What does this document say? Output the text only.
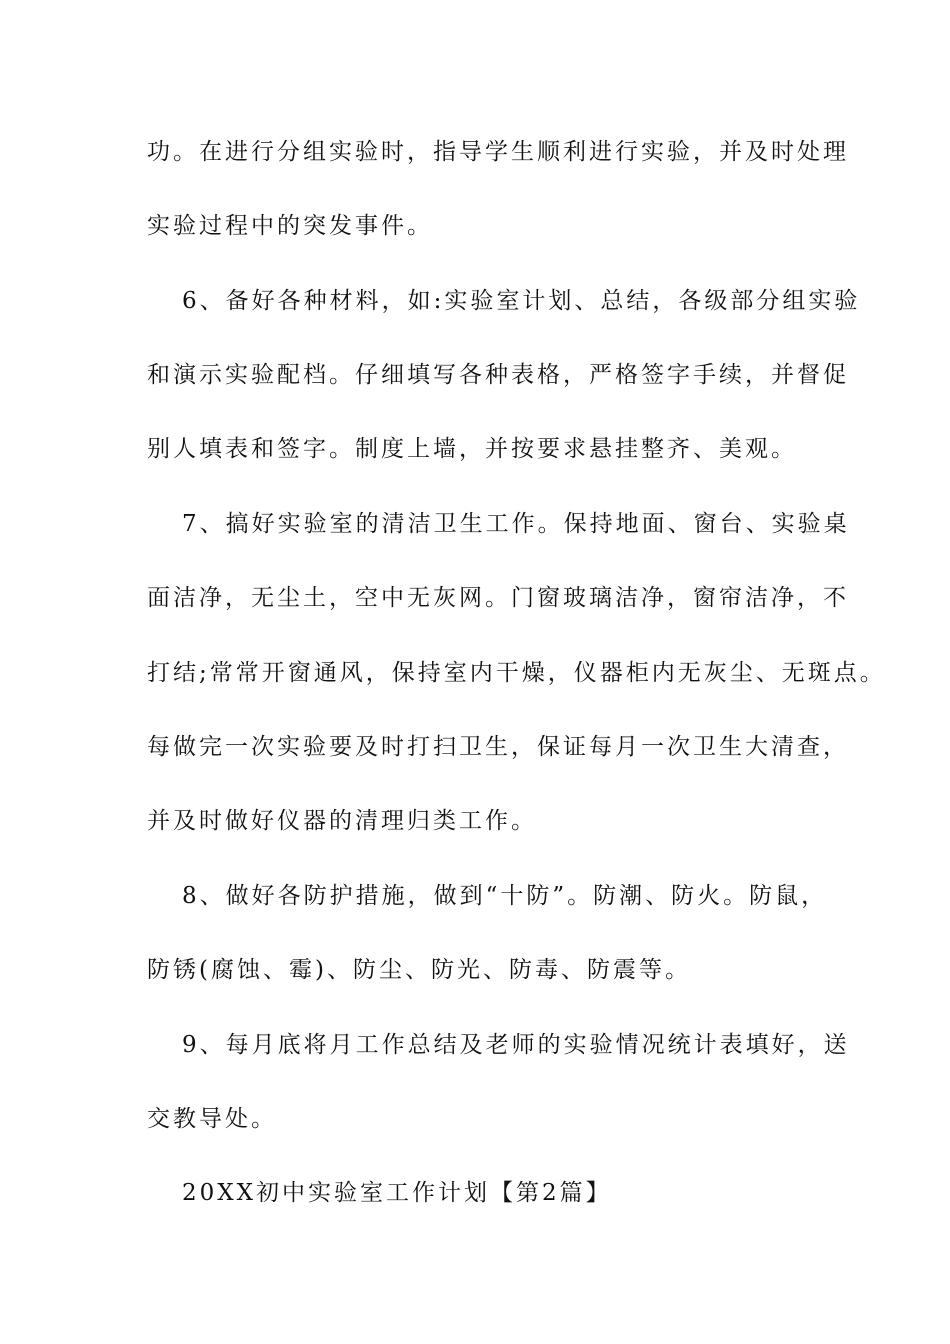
功。在进行分组实验时，指导学生顺利进行实验，并及时处理
实验过程中的突发事件。
6、备好各种材料，如:实验室计划、总结，各级部分组实验
和演示实验配档。仔细填写各种表格，严格签字手续，并督促
别人填表和签字。制度上墙，并按要求悬挂整齐、美观。
7、搞好实验室的清洁卫生工作。保持地面、窗台、实验桌
面洁净，无尘土，空中无灰网。门窗玻璃洁净，窗帘洁净，不
打结;常常开窗通风，保持室内干燥，仪器柜内无灰尘、无斑点。
每做完一次实验要及时打扫卫生，保证每月一次卫生大清查，
并及时做好仪器的清理归类工作。
8、做好各防护措施，做到“十防”。防潮、防火。防鼠，
防锈(腐蚀、霉)、防尘、防光、防毒、防震等。
9、每月底将月工作总结及老师的实验情况统计表填好，送
交教导处。
20XX初中实验室工作计划【第2篇】
